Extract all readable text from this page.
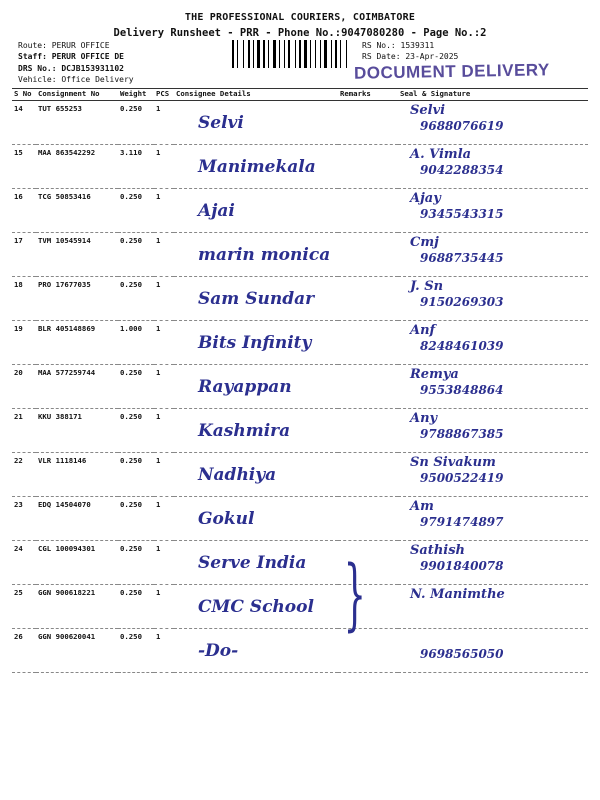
THE PROFESSIONAL COURIERS, COIMBATORE
Delivery Runsheet - PRR - Phone No.:9047080280 - Page No.:2
Route: PERUR OFFICE
Staff: PERUR OFFICE DE
DRS No.: DCJB153931102
Vehicle: Office Delivery
RS No.: 1539311
RS Date: 23-Apr-2025
DOCUMENT DELIVERY
S No	Consignment No	Weight	PCS	Consignee Details	Remarks	Seal & Signature
14	TUT 655253	0.250	1	Selvi		Selvi
9688076619

15	MAA 863542292	3.110	1	Manimekala		A. Vimla
9042288354

16	TCG 50853416	0.250	1	Ajai		Ajay
9345543315

17	TVM 10545914	0.250	1	marin monica		Cmj
9688735445

18	PRO 17677035	0.250	1	Sam Sundar		J. Sn
9150269303

19	BLR 405148869	1.000	1	Bits Infinity		Anf
8248461039

20	MAA 577259744	0.250	1	Rayappan		Remya
9553848864

21	KKU 388171	0.250	1	Kashmira		Any
9788867385

22	VLR 1118146	0.250	1	Nadhiya		Sn Sivakum
9500522419

23	EDQ 14504070	0.250	1	Gokul		Am
9791474897

24	CGL 100094301	0.250	1	Serve India		Sathish
9901840078

25	GGN 900618221	0.250	1	CMC School		N. Manimthe

26	GGN 900620041	0.250	1	-Do-		9698565050
}
